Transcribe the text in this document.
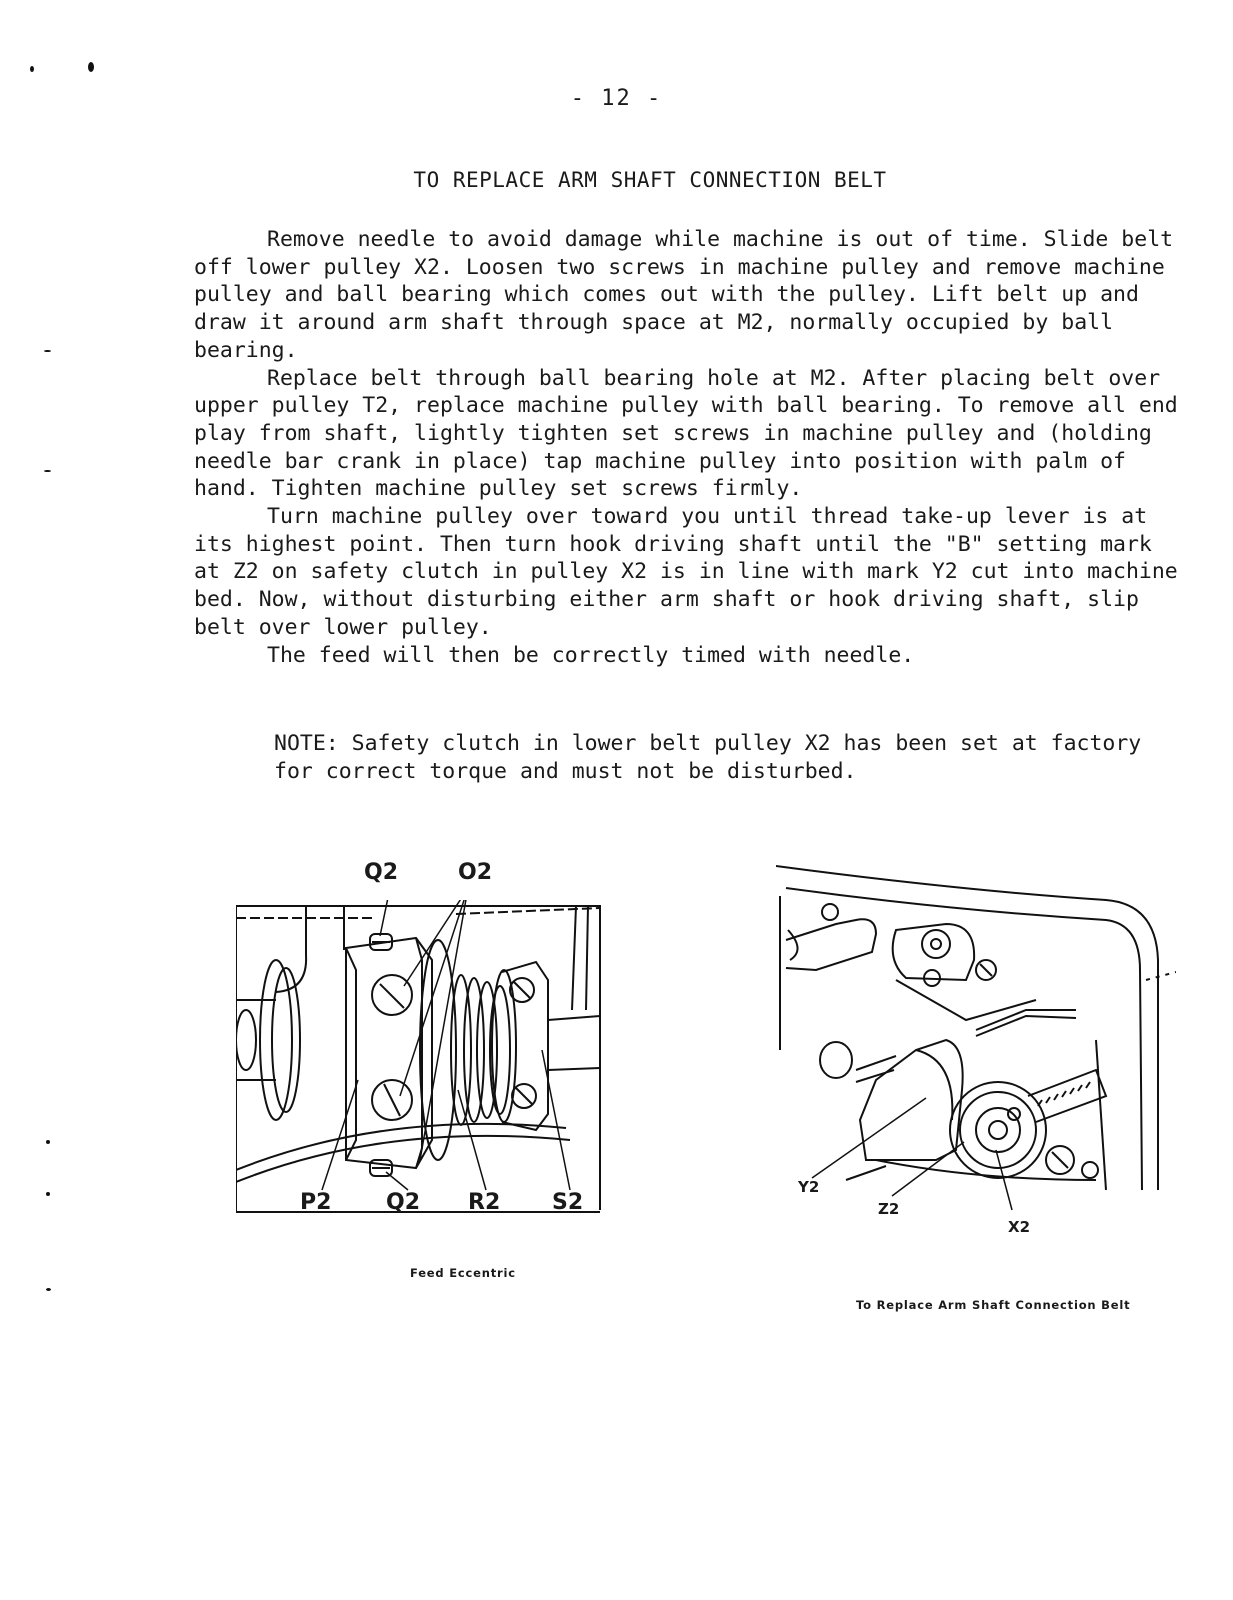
- 12 -
TO REPLACE ARM SHAFT CONNECTION BELT

Remove needle to avoid damage while machine is out of time. Slide belt off lower pulley X2. Loosen two screws in machine pulley and remove machine pulley and ball bearing which comes out with the pulley. Lift belt up and draw it around arm shaft through space at M2, normally occupied by ball bearing.

Replace belt through ball bearing hole at M2. After placing belt over upper pulley T2, replace machine pulley with ball bearing. To remove all end play from shaft, lightly tighten set screws in machine pulley and (holding needle bar crank in place) tap machine pulley into position with palm of hand. Tighten machine pulley set screws firmly.

Turn machine pulley over toward you until thread take-up lever is at its highest point. Then turn hook driving shaft until the "B" setting mark at Z2 on safety clutch in pulley X2 is in line with mark Y2 cut into machine bed. Now, without disturbing either arm shaft or hook driving shaft, slip belt over lower pulley.

The feed will then be correctly timed with needle.

NOTE: Safety clutch in lower belt pulley X2 has been set at factory for correct torque and must not be disturbed.

Q2	O2
P2 Q2 R2 S2
Feed Eccentric
Y2
Z2
X2
To Replace Arm Shaft Connection Belt
